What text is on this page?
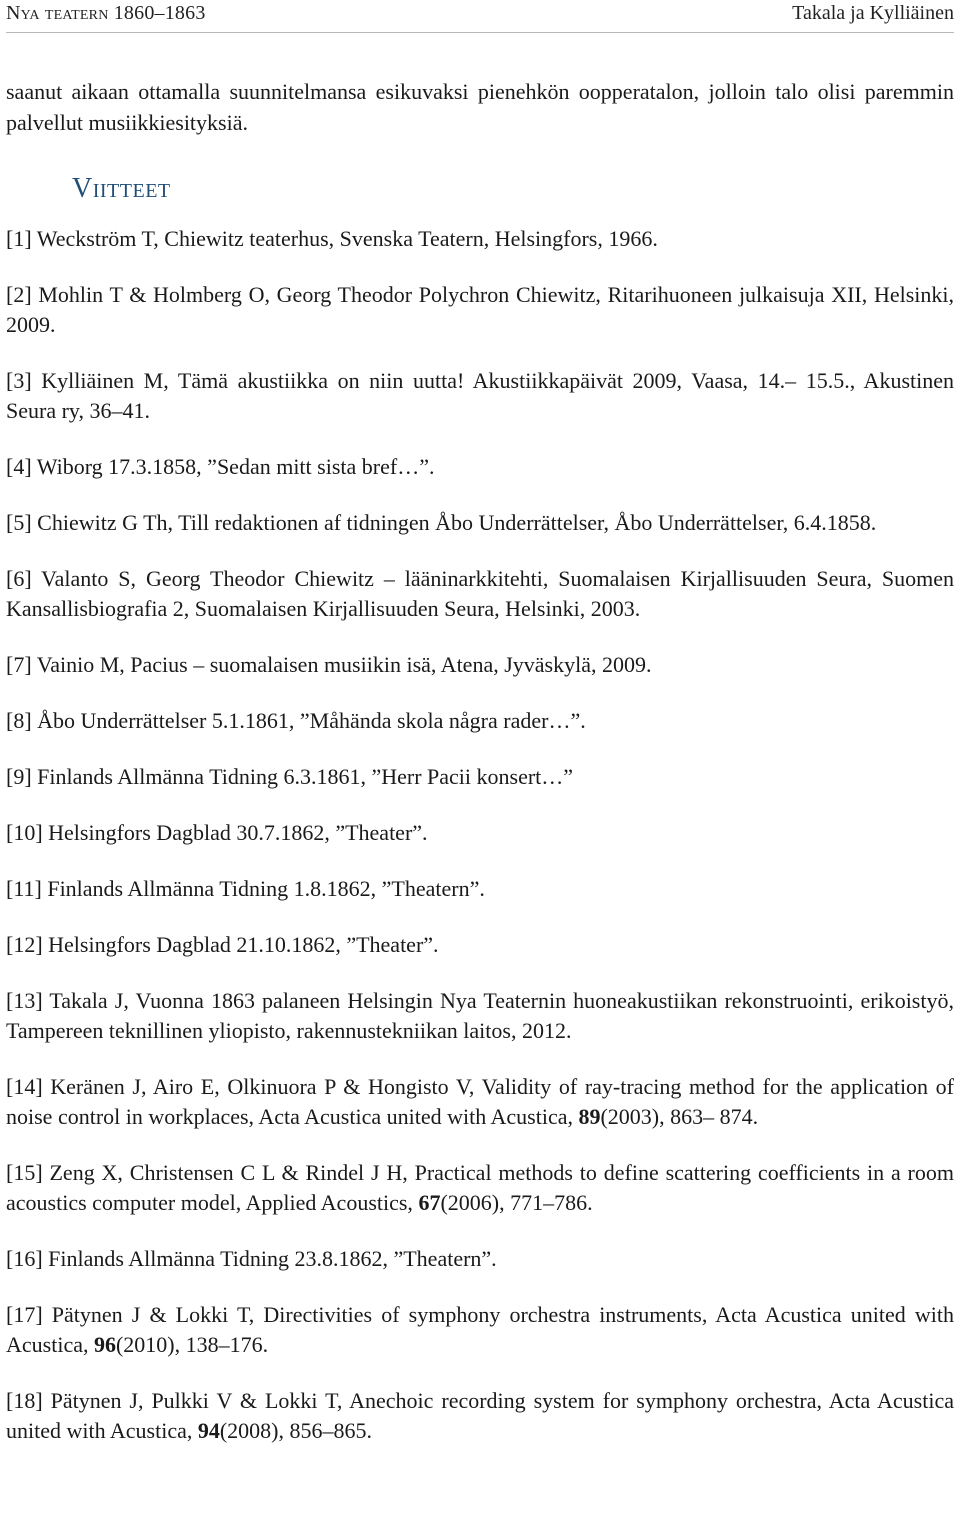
Nya teatern 1860–1863	Takala ja Kylliäinen

saanut aikaan ottamalla suunnitelmansa esikuvaksi pienehkön oopperatalon, jolloin talo olisi paremmin palvellut musiikkiesityksiä.

Viitteet
[1] Weckström T, Chiewitz teaterhus, Svenska Teatern, Helsingfors, 1966.
[2] Mohlin T & Holmberg O, Georg Theodor Polychron Chiewitz, Ritarihuoneen julkaisuja XII, Helsinki, 2009.
[3] Kylliäinen M, Tämä akustiikka on niin uutta! Akustiikkapäivät 2009, Vaasa, 14.– 15.5., Akustinen Seura ry, 36–41.
[4] Wiborg 17.3.1858, ”Sedan mitt sista bref…”.
[5] Chiewitz G Th, Till redaktionen af tidningen Åbo Underrättelser, Åbo Underrättelser, 6.4.1858.
[6] Valanto S, Georg Theodor Chiewitz – lääninarkkitehti, Suomalaisen Kirjallisuuden Seura, Suomen Kansallisbiografia 2, Suomalaisen Kirjallisuuden Seura, Helsinki, 2003.
[7] Vainio M, Pacius – suomalaisen musiikin isä, Atena, Jyväskylä, 2009.
[8] Åbo Underrättelser 5.1.1861, ”Måhända skola några rader…”.
[9] Finlands Allmänna Tidning 6.3.1861, ”Herr Pacii konsert…”
[10] Helsingfors Dagblad 30.7.1862, ”Theater”.
[11] Finlands Allmänna Tidning 1.8.1862, ”Theatern”.
[12] Helsingfors Dagblad 21.10.1862, ”Theater”.
[13] Takala J, Vuonna 1863 palaneen Helsingin Nya Teaternin huoneakustiikan rekonstruointi, erikoistyö, Tampereen teknillinen yliopisto, rakennustekniikan laitos, 2012.
[14] Keränen J, Airo E, Olkinuora P & Hongisto V, Validity of ray-tracing method for the application of noise control in workplaces, Acta Acustica united with Acustica, 89(2003), 863– 874.
[15] Zeng X, Christensen C L & Rindel J H, Practical methods to define scattering coefficients in a room acoustics computer model, Applied Acoustics, 67(2006), 771–786.
[16] Finlands Allmänna Tidning 23.8.1862, ”Theatern”.
[17] Pätynen J & Lokki T, Directivities of symphony orchestra instruments, Acta Acustica united with Acustica, 96(2010), 138–176.
[18] Pätynen J, Pulkki V & Lokki T, Anechoic recording system for symphony orchestra, Acta Acustica united with Acustica, 94(2008), 856–865.
